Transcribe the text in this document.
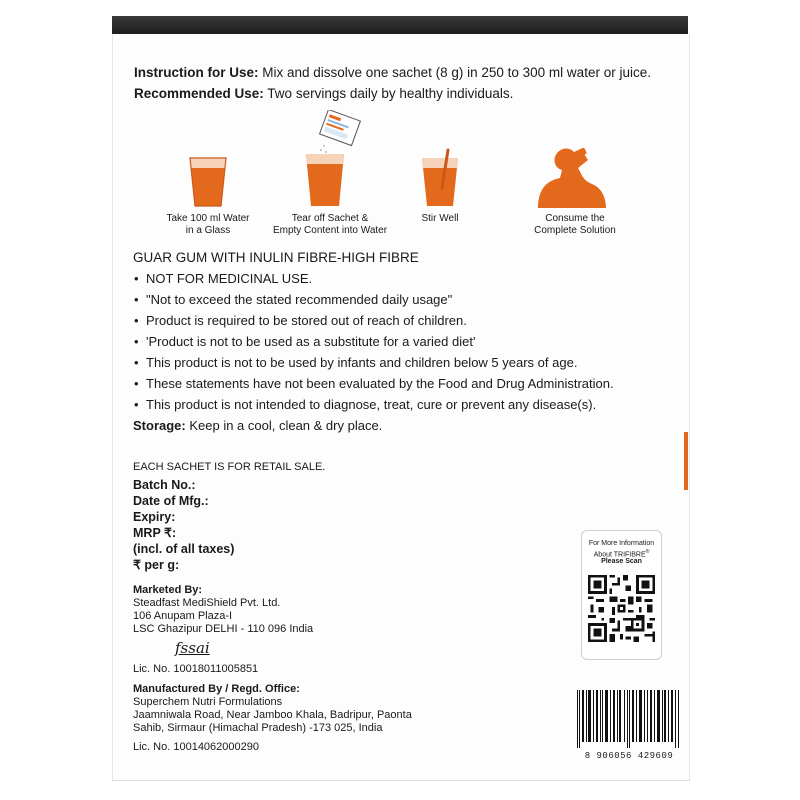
Instruction for Use: Mix and dissolve one sachet (8 g) in 250 to 300 ml water or juice.
Recommended Use: Two servings daily by healthy individuals.
Take 100 ml Water
in a Glass
Tear off Sachet &
Empty Content into Water
Stir Well	Consume the
Complete Solution
GUAR GUM WITH INULIN FIBRE-HIGH FIBRE
• NOT FOR MEDICINAL USE.
• "Not to exceed the stated recommended daily usage"
• Product is required to be stored out of reach of children.
• 'Product is not to be used as a substitute for a varied diet'
• This product is not to be used by infants and children below 5 years of age.
• These statements have not been evaluated by the Food and Drug Administration.
• This product is not intended to diagnose, treat, cure or prevent any disease(s).
Storage: Keep in a cool, clean & dry place.
EACH SACHET IS FOR RETAIL SALE.
Batch No.:
Date of Mfg.:
Expiry:
MRP ₹:
(incl. of all taxes)
₹ per g:
Marketed By:
Steadfast MediShield Pvt. Ltd.
106 Anupam Plaza-I
LSC Ghazipur DELHI - 110 096 India
fssai
Lic. No. 10018011005851
Manufactured By / Regd. Office:
Superchem Nutri Formulations
Jaamniwala Road, Near Jamboo Khala, Badripur, Paonta
Sahib, Sirmaur (Himachal Pradesh) -173 025, India
Lic. No. 10014062000290
For More Information
About TRIFIBRE®
Please Scan
8 906056 429609
